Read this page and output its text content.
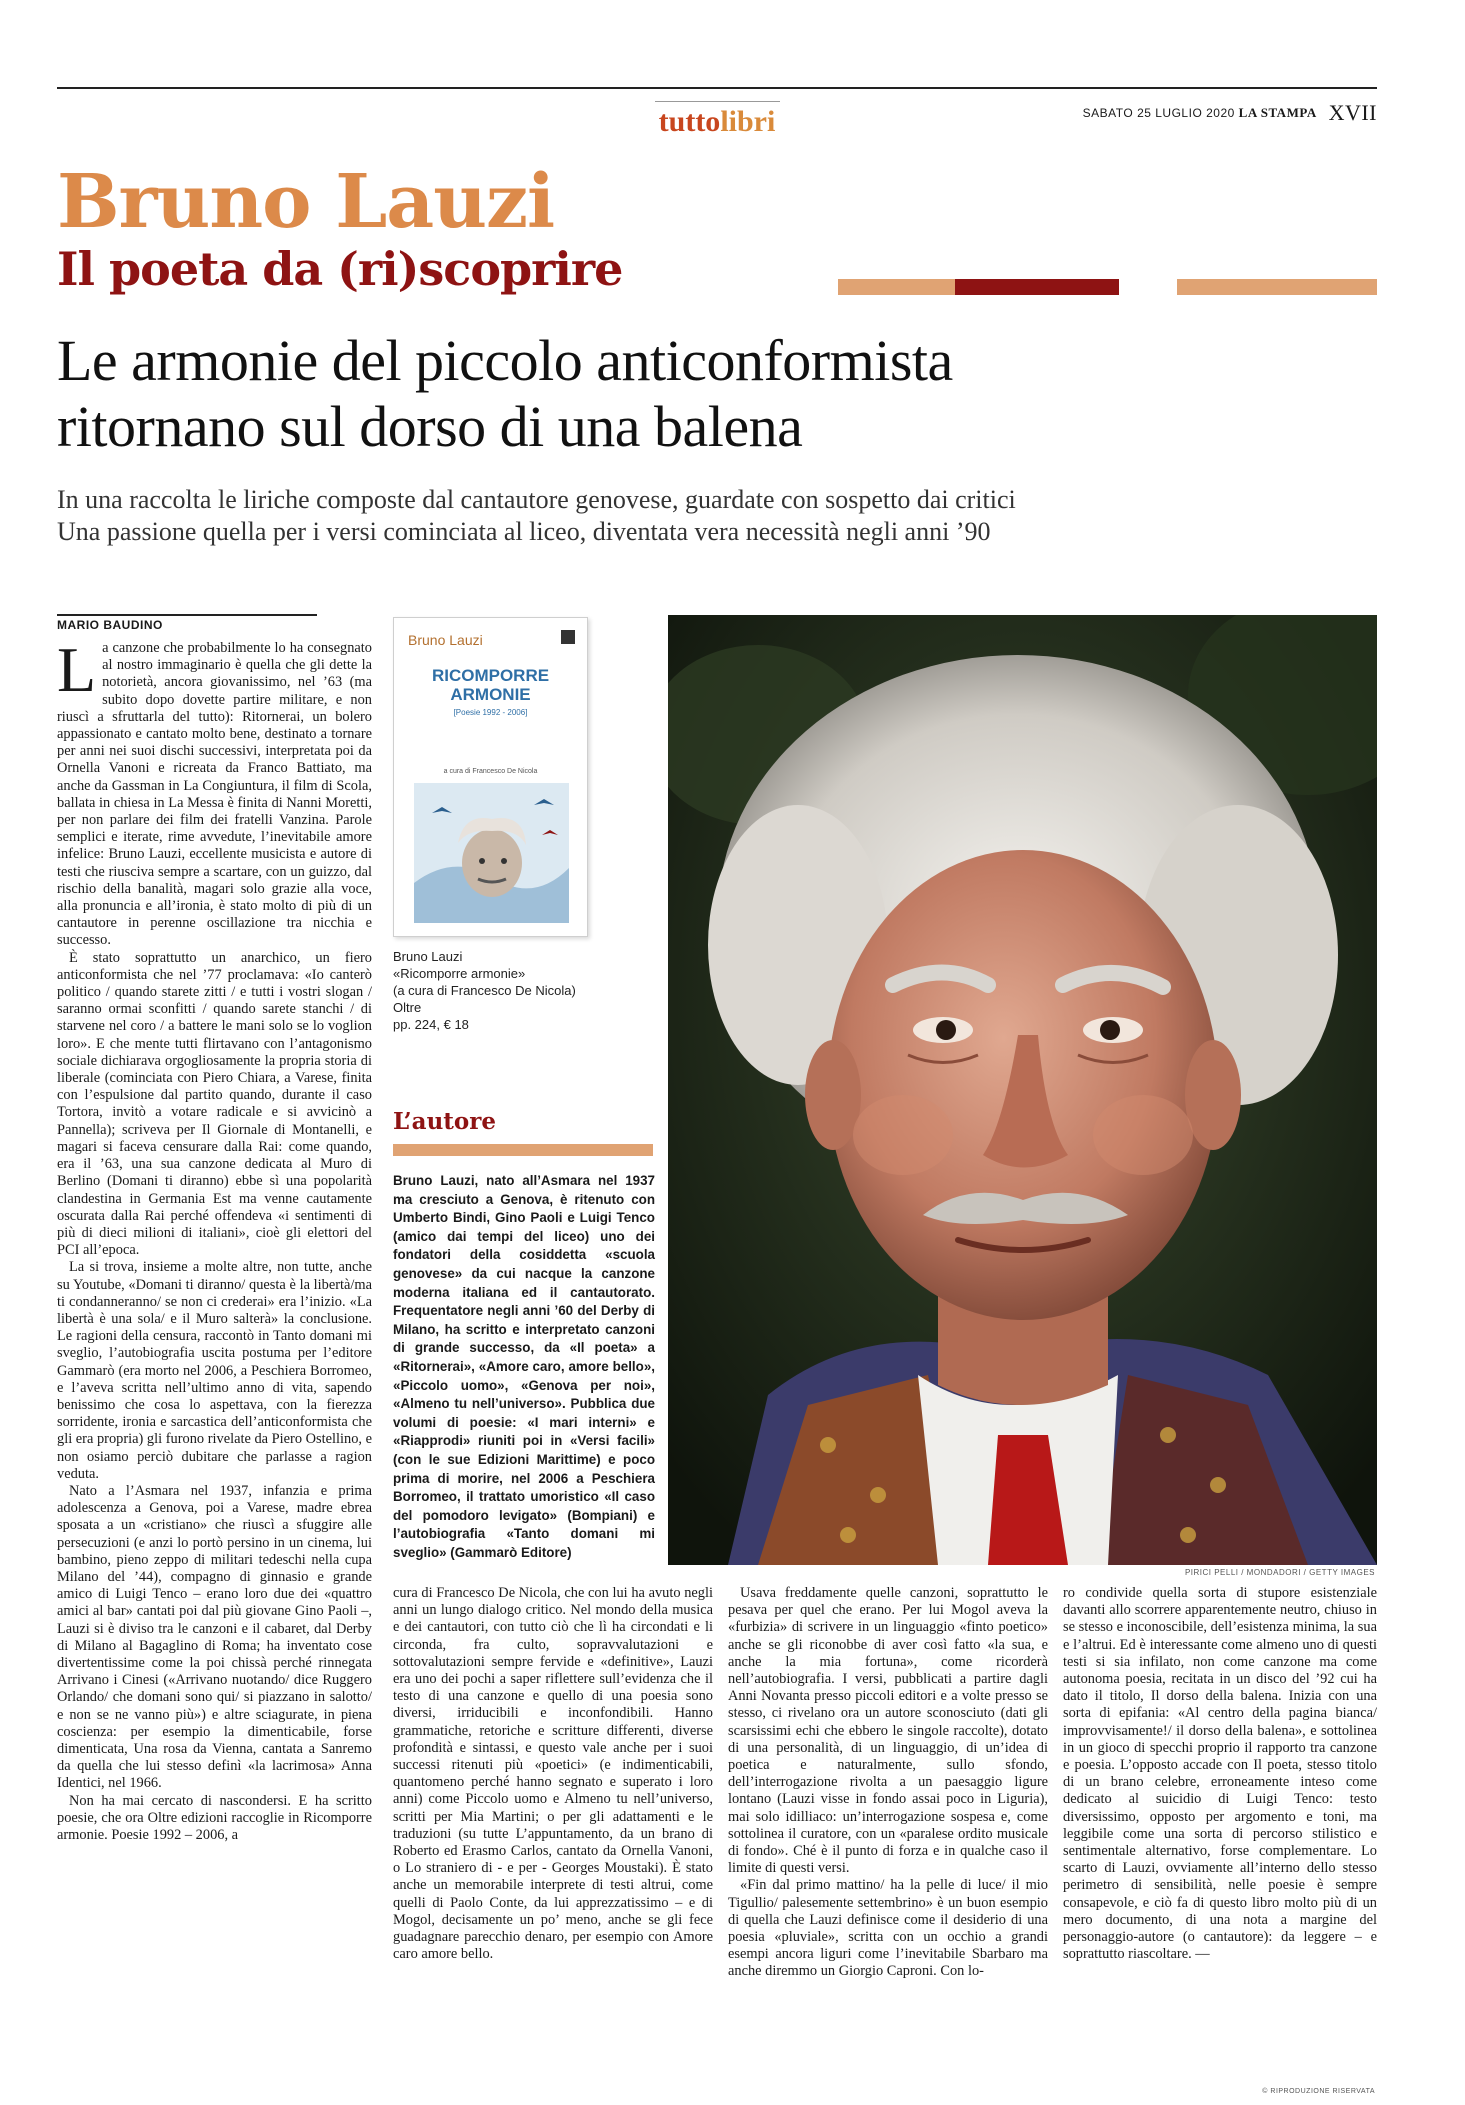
tuttolibri	SABATO 25 LUGLIO 2020 LA STAMPA XVII
Bruno Lauzi
Il poeta da (ri)scoprire
Le armonie del piccolo anticonformista
ritornano sul dorso di una balena
In una raccolta le liriche composte dal cantautore genovese, guardate con sospetto dai critici
Una passione quella per i versi cominciata al liceo, diventata vera necessità negli anni ’90
MARIO BAUDINO

La canzone che probabilmente lo ha consegnato al nostro immaginario è quella che gli dette la notorietà, ancora giovanissimo, nel ’63 (ma subito dopo dovette partire militare, e non riuscì a sfruttarla del tutto): Ritornerai, un bolero appassionato e cantato molto bene, destinato a tornare per anni nei suoi dischi successivi, interpretata poi da Ornella Vanoni e ricreata da Franco Battiato, ma anche da Gassman in La Congiuntura, il film di Scola, ballata in chiesa in La Messa è finita di Nanni Moretti, per non parlare dei film dei fratelli Vanzina. Parole semplici e iterate, rime avvedute, l’inevitabile amore infelice: Bruno Lauzi, eccellente musicista e autore di testi che riusciva sempre a scartare, con un guizzo, dal rischio della banalità, magari solo grazie alla voce, alla pronuncia e all’ironia, è stato molto di più di un cantautore in perenne oscillazione tra nicchia e successo.

È stato soprattutto un anarchico, un fiero anticonformista che nel ’77 proclamava: «Io canterò politico / quando starete zitti / e tutti i vostri slogan / saranno ormai sconfitti / quando sarete stanchi / di starvene nel coro / a battere le mani solo se lo voglion loro». E che mente tutti flirtavano con l’antagonismo sociale dichiarava orgogliosamente la propria storia di liberale (cominciata con Piero Chiara, a Varese, finita con l’espulsione dal partito quando, durante il caso Tortora, invitò a votare radicale e si avvicinò a Pannella); scriveva per Il Giornale di Montanelli, e magari si faceva censurare dalla Rai: come quando, era il ’63, una sua canzone dedicata al Muro di Berlino (Domani ti diranno) ebbe sì una popolarità clandestina in Germania Est ma venne cautamente oscurata dalla Rai perché offendeva «i sentimenti di più di dieci milioni di italiani», cioè gli elettori del PCI all’epoca.

La si trova, insieme a molte altre, non tutte, anche su Youtube, «Domani ti diranno/ questa è la libertà/ma ti condanneranno/ se non ci crederai» era l’inizio. «La libertà è una sola/ e il Muro salterà» la conclusione. Le ragioni della censura, raccontò in Tanto domani mi sveglio, l’autobiografia uscita postuma per l’editore Gammarò (era morto nel 2006, a Peschiera Borromeo, e l’aveva scritta nell’ultimo anno di vita, sapendo benissimo che cosa lo aspettava, con la fierezza sorridente, ironia e sarcastica dell’anticonformista che gli era propria) gli furono rivelate da Piero Ostellino, e non osiamo perciò dubitare che parlasse a ragion veduta.

Nato a l’Asmara nel 1937, infanzia e prima adolescenza a Genova, poi a Varese, madre ebrea sposata a un «cristiano» che riuscì a sfuggire alle persecuzioni (e anzi lo portò persino in un cinema, lui bambino, pieno zeppo di militari tedeschi nella cupa Milano del ’44), compagno di ginnasio e grande amico di Luigi Tenco – erano loro due dei «quattro amici al bar» cantati poi dal più giovane Gino Paoli –, Lauzi si è diviso tra le canzoni e il cabaret, dal Derby di Milano al Bagaglino di Roma; ha inventato cose divertentissime come la poi chissà perché rinnegata Arrivano i Cinesi («Arrivano nuotando/ dice Ruggero Orlando/ che domani sono qui/ si piazzano in salotto/ e non se ne vanno più») e altre sciagurate, in piena coscienza: per esempio la dimenticabile, forse dimenticata, Una rosa da Vienna, cantata a Sanremo da quella che lui stesso definì «la lacrimosa» Anna Identici, nel 1966.

Non ha mai cercato di nascondersi. E ha scritto poesie, che ora Oltre edizioni raccoglie in Ricomporre armonie. Poesie 1992 – 2006, a

Bruno Lauzi
RICOMPORRE
ARMONIE
[Poesie 1992 - 2006]
a cura di Francesco De Nicola
Bruno Lauzi
«Ricomporre armonie»
(a cura di Francesco De Nicola)
Oltre
pp. 224, € 18
L’autore
Bruno Lauzi, nato all’Asmara nel 1937 ma cresciuto a Genova, è ritenuto con Umberto Bindi, Gino Paoli e Luigi Tenco (amico dai tempi del liceo) uno dei fondatori della cosiddetta «scuola genovese» da cui nacque la canzone moderna italiana ed il cantautorato. Frequentatore negli anni ’60 del Derby di Milano, ha scritto e interpretato canzoni di grande successo, da «Il poeta» a «Ritornerai», «Amore caro, amore bello», «Piccolo uomo», «Genova per noi», «Almeno tu nell’universo». Pubblica due volumi di poesie: «I mari interni» e «Riapprodi» riuniti poi in «Versi facili» (con le sue Edizioni Marittime) e poco prima di morire, nel 2006 a Peschiera Borromeo, il trattato umoristico «Il caso del pomodoro levigato» (Bompiani) e l’autobiografia «Tanto domani mi sveglio» (Gammarò Editore)
PIRICI PELLI / MONDADORI / GETTY IMAGES

cura di Francesco De Nicola, che con lui ha avuto negli anni un lungo dialogo critico. Nel mondo della musica e dei cantautori, con tutto ciò che lì ha circondati e li circonda, fra culto, sopravvalutazioni e sottovalutazioni sempre fervide e «definitive», Lauzi era uno dei pochi a saper riflettere sull’evidenza che il testo di una canzone e quello di una poesia sono diversi, irriducibili e inconfondibili. Hanno grammatiche, retoriche e scritture differenti, diverse profondità e sintassi, e questo vale anche per i suoi successi ritenuti più «poetici» (e indimenticabili, quantomeno perché hanno segnato e superato i loro anni) come Piccolo uomo e Almeno tu nell’universo, scritti per Mia Martini; o per gli adattamenti e le traduzioni (su tutte L’appuntamento, da un brano di Roberto ed Erasmo Carlos, cantato da Ornella Vanoni, o Lo straniero di - e per - Georges Moustaki). È stato anche un memorabile interprete di testi altrui, come quelli di Paolo Conte, da lui apprezzatissimo – e di Mogol, decisamente un po’ meno, anche se gli fece guadagnare parecchio denaro, per esempio con Amore caro amore bello.

Usava freddamente quelle canzoni, soprattutto le pesava per quel che erano. Per lui Mogol aveva la «furbizia» di scrivere in un linguaggio «finto poetico» anche se gli riconobbe di aver così fatto «la sua, e anche la mia fortuna», come ricorderà nell’autobiografia. I versi, pubblicati a partire dagli Anni Novanta presso piccoli editori e a volte presso se stesso, ci rivelano ora un autore sconosciuto (dati gli scarsissimi echi che ebbero le singole raccolte), dotato di una personalità, di un linguaggio, di un’idea di poetica e naturalmente, sullo sfondo, dell’interrogazione rivolta a un paesaggio ligure lontano (Lauzi visse in fondo assai poco in Liguria), mai solo idilliaco: un’interrogazione sospesa e, come sottolinea il curatore, con un «paralese ordito musicale di fondo». Ché è il punto di forza e in qualche caso il limite di questi versi.

«Fin dal primo mattino/ ha la pelle di luce/ il mio Tigullio/ palesemente settembrino» è un buon esempio di quella che Lauzi definisce come il desiderio di una poesia «pluviale», scritta con un occhio a grandi esempi ancora liguri come l’inevitabile Sbarbaro ma anche diremmo un Giorgio Caproni. Con lo-

ro condivide quella sorta di stupore esistenziale davanti allo scorrere apparentemente neutro, chiuso in se stesso e inconoscibile, dell’esistenza minima, la sua e l’altrui. Ed è interessante come almeno uno di questi testi si sia infilato, non come canzone ma come autonoma poesia, recitata in un disco del ’92 cui ha dato il titolo, Il dorso della balena. Inizia con una sorta di epifania: «Al centro della pagina bianca/ improvvisamente!/ il dorso della balena», e sottolinea in un gioco di specchi proprio il rapporto tra canzone e poesia. L’opposto accade con Il poeta, stesso titolo di un brano celebre, erroneamente inteso come dedicato al suicidio di Luigi Tenco: testo diversissimo, opposto per argomento e toni, ma leggibile come una sorta di percorso stilistico e sentimentale alternativo, forse complementare. Lo scarto di Lauzi, ovviamente all’interno dello stesso perimetro di sensibilità, nelle poesie è sempre consapevole, e ciò fa di questo libro molto più di un mero documento, di una nota a margine del personaggio-autore (o cantautore): da leggere – e soprattutto riascoltare. —

© RIPRODUZIONE RISERVATA
